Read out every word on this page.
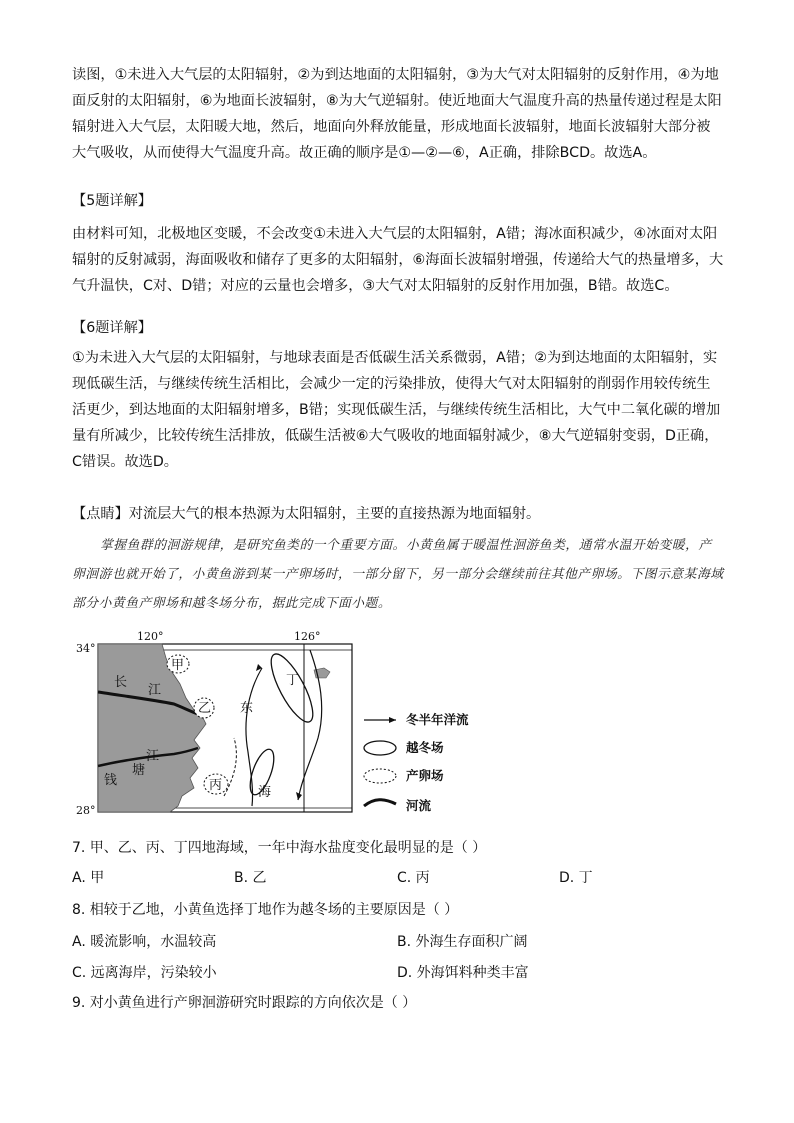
读图，①未进入大气层的太阳辐射，②为到达地面的太阳辐射，③为大气对太阳辐射的反射作用，④为地面反射的太阳辐射，⑥为地面长波辐射，⑧为大气逆辐射。使近地面大气温度升高的热量传递过程是太阳辐射进入大气层，太阳暖大地，然后，地面向外释放能量，形成地面长波辐射，地面长波辐射大部分被大气吸收，从而使得大气温度升高。故正确的顺序是①—②—⑥，A正确，排除BCD。故选A。

【5题详解】

由材料可知，北极地区变暖，不会改变①未进入大气层的太阳辐射，A错；海冰面积减少，④冰面对太阳辐射的反射减弱，海面吸收和储存了更多的太阳辐射，⑥海面长波辐射增强，传递给大气的热量增多，大气升温快，C对、D错；对应的云量也会增多，③大气对太阳辐射的反射作用加强，B错。故选C。

【6题详解】

①为未进入大气层的太阳辐射，与地球表面是否低碳生活关系微弱，A错；②为到达地面的太阳辐射，实现低碳生活，与继续传统生活相比，会减少一定的污染排放，使得大气对太阳辐射的削弱作用较传统生活更少，到达地面的太阳辐射增多，B错；实现低碳生活，与继续传统生活相比，大气中二氧化碳的增加量有所减少，比较传统生活排放，低碳生活被⑥大气吸收的地面辐射减少，⑧大气逆辐射变弱，D正确，C错误。故选D。

【点睛】对流层大气的根本热源为太阳辐射，主要的直接热源为地面辐射。

掌握鱼群的洄游规律，是研究鱼类的一个重要方面。小黄鱼属于暖温性洄游鱼类，通常水温开始变暖，产卵洄游也就开始了，小黄鱼游到某一产卵场时，一部分留下，另一部分会继续前往其他产卵场。下图示意某海域部分小黄鱼产卵场和越冬场分布，据此完成下面小题。

120°	126°
34°
28°
甲
乙
丙
丁
长
江
钱
塘
江
东
海
冬半年洋流
越冬场
产卵场
河流

7. 甲、乙、丙、丁四地海域，一年中海水盐度变化最明显的是（ ）

A. 甲	B. 乙	C. 丙	D. 丁

8. 相较于乙地，小黄鱼选择丁地作为越冬场的主要原因是（ ）

A. 暖流影响，水温较高	B. 外海生存面积广阔

C. 远离海岸，污染较小	D. 外海饵料种类丰富

9. 对小黄鱼进行产卵洄游研究时跟踪的方向依次是（ ）
